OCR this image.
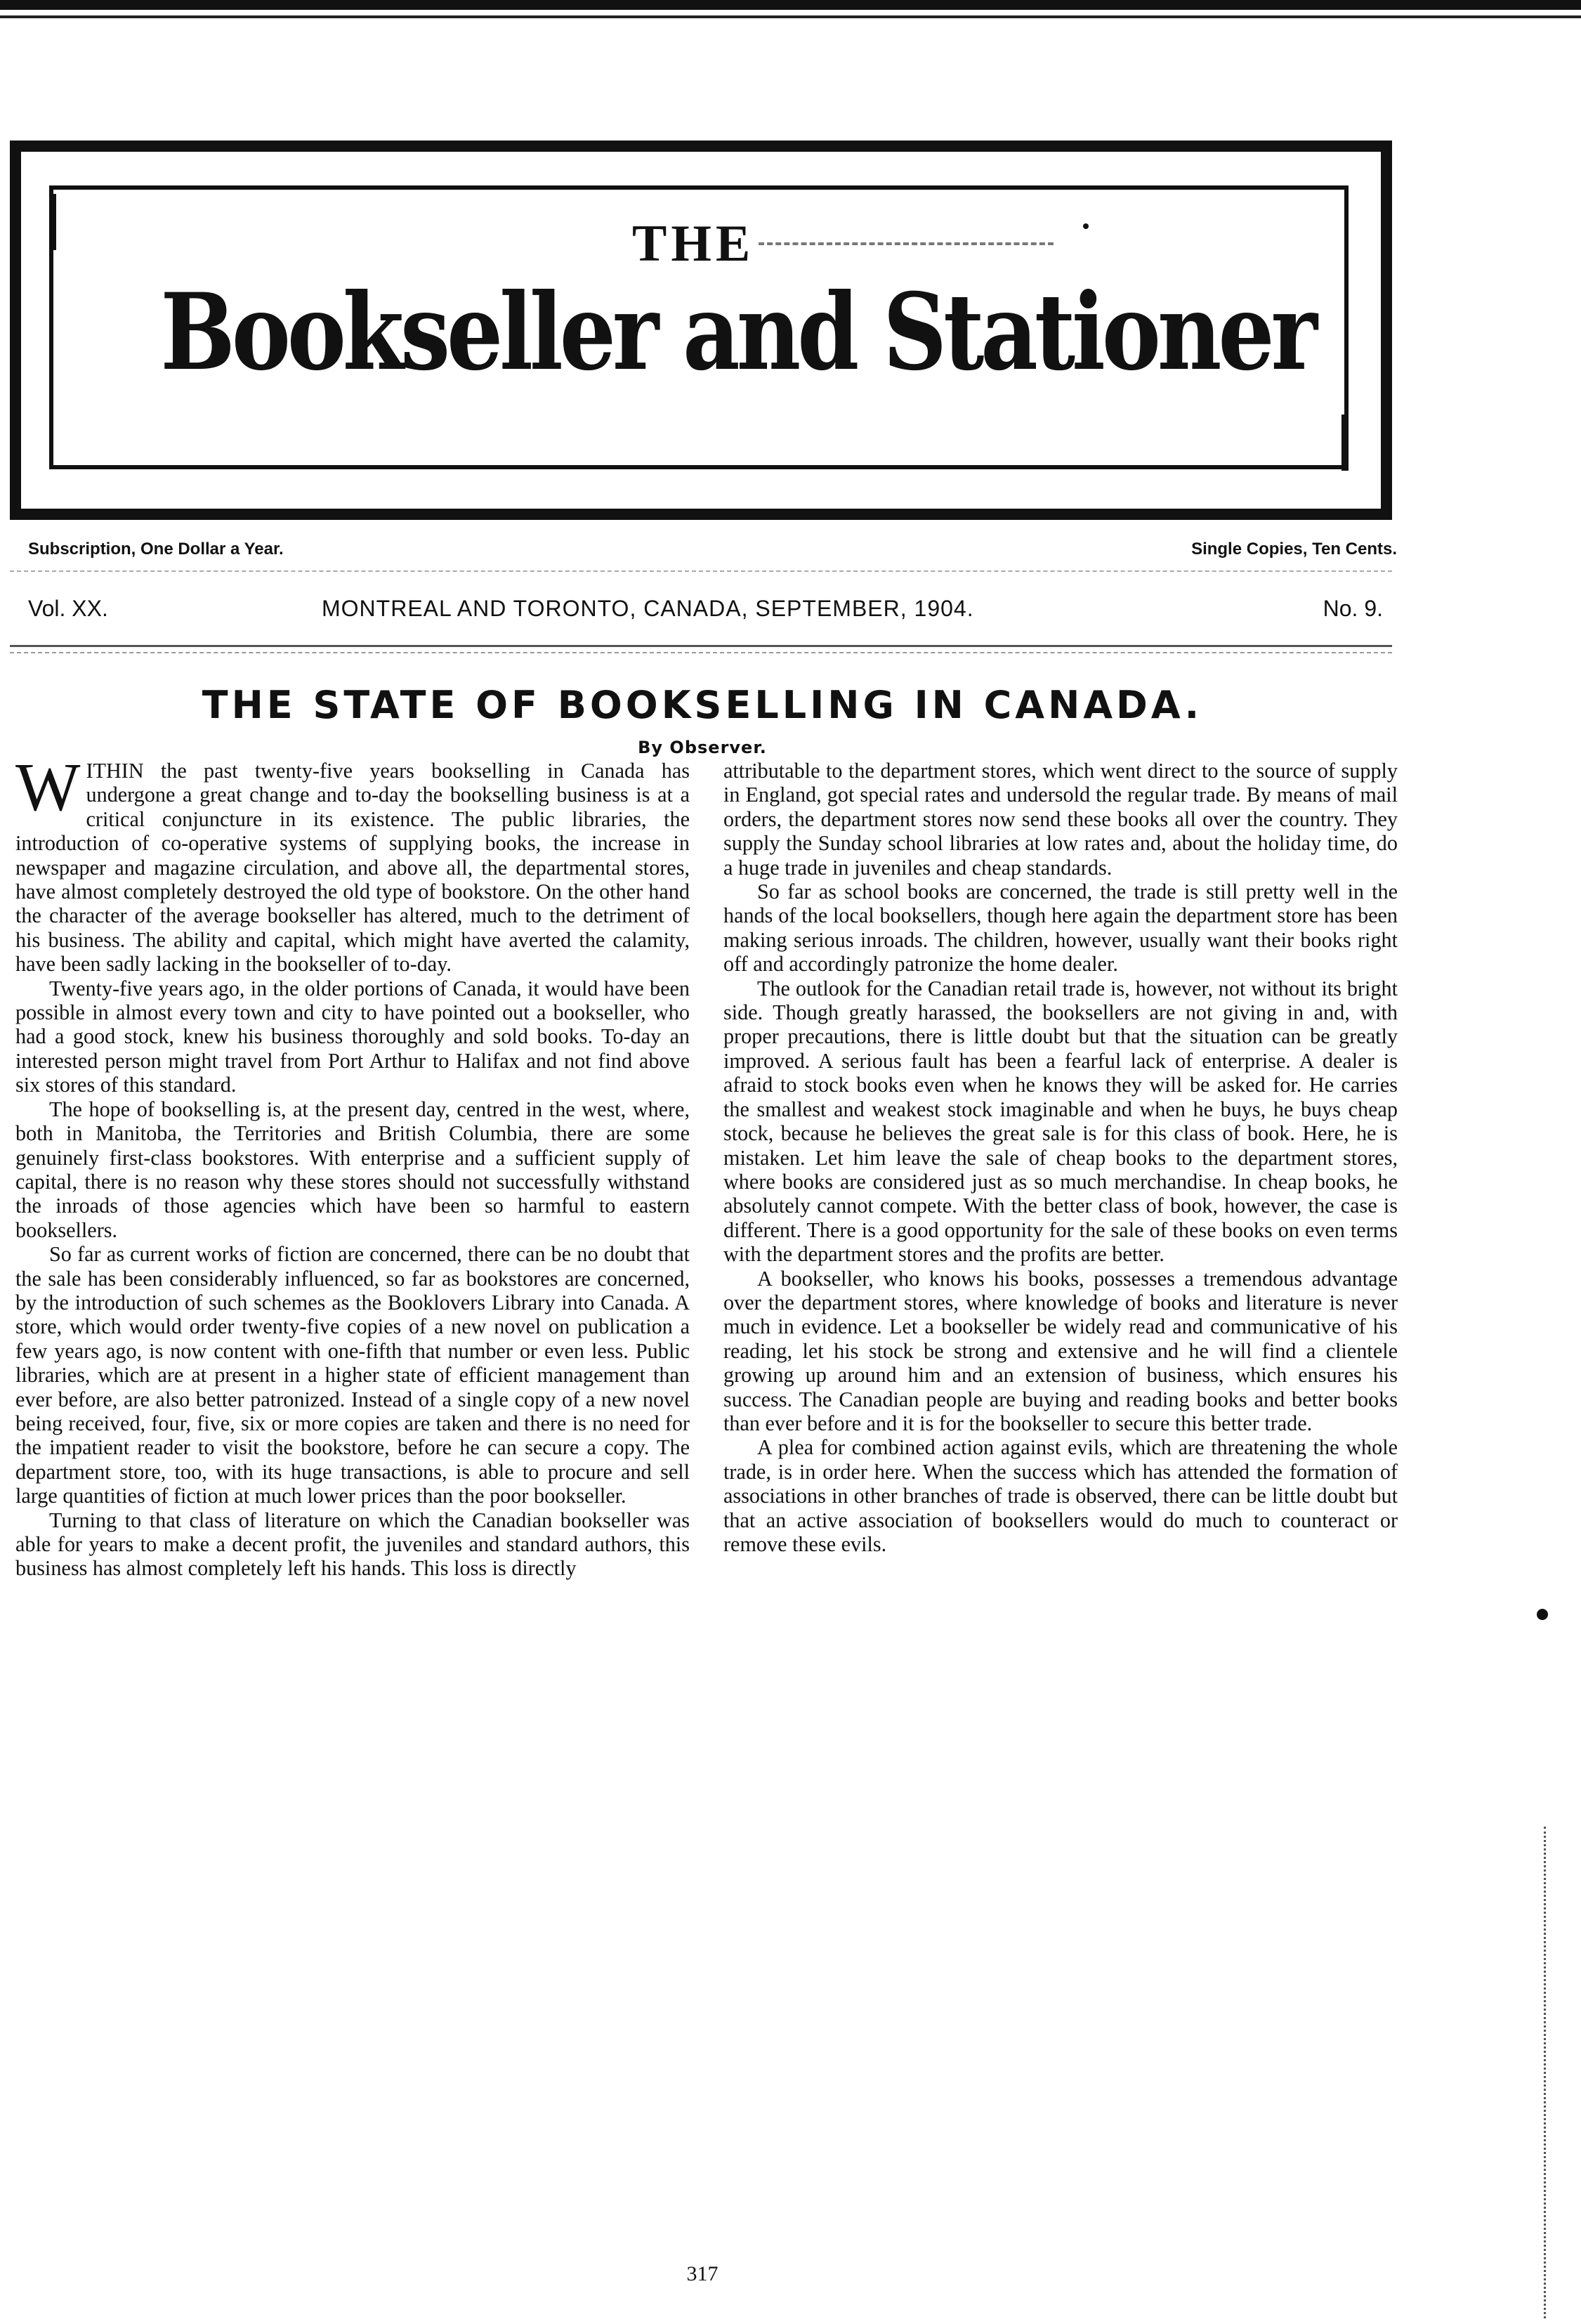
THE
Bookseller and Stationer
Subscription, One Dollar a Year.	Single Copies, Ten Cents.
Vol. XX.	MONTREAL AND TORONTO, CANADA, SEPTEMBER, 1904.	No. 9.
THE STATE OF BOOKSELLING IN CANADA.
By Observer.

WITHIN the past twenty-five years bookselling in Canada has undergone a great change and to-day the bookselling business is at a critical conjuncture in its existence. The public libraries, the introduction of co-operative systems of supplying books, the increase in newspaper and magazine circulation, and above all, the departmental stores, have almost completely destroyed the old type of bookstore. On the other hand the character of the average bookseller has altered, much to the detriment of his business. The ability and capital, which might have averted the calamity, have been sadly lacking in the bookseller of to-day.

Twenty-five years ago, in the older portions of Canada, it would have been possible in almost every town and city to have pointed out a bookseller, who had a good stock, knew his business thoroughly and sold books. To-day an interested person might travel from Port Arthur to Halifax and not find above six stores of this standard.

The hope of bookselling is, at the present day, centred in the west, where, both in Manitoba, the Territories and British Columbia, there are some genuinely first-class bookstores. With enterprise and a sufficient supply of capital, there is no reason why these stores should not successfully withstand the inroads of those agencies which have been so harmful to eastern booksellers.

So far as current works of fiction are concerned, there can be no doubt that the sale has been considerably influenced, so far as bookstores are concerned, by the introduction of such schemes as the Booklovers Library into Canada. A store, which would order twenty-five copies of a new novel on publication a few years ago, is now content with one-fifth that number or even less. Public libraries, which are at present in a higher state of efficient management than ever before, are also better patronized. Instead of a single copy of a new novel being received, four, five, six or more copies are taken and there is no need for the impatient reader to visit the bookstore, before he can secure a copy. The department store, too, with its huge transactions, is able to procure and sell large quantities of fiction at much lower prices than the poor bookseller.

Turning to that class of literature on which the Canadian bookseller was able for years to make a decent profit, the juveniles and standard authors, this business has almost completely left his hands. This loss is directly

attributable to the department stores, which went direct to the source of supply in England, got special rates and undersold the regular trade. By means of mail orders, the department stores now send these books all over the country. They supply the Sunday school libraries at low rates and, about the holiday time, do a huge trade in juveniles and cheap standards.

So far as school books are concerned, the trade is still pretty well in the hands of the local booksellers, though here again the department store has been making serious inroads. The children, however, usually want their books right off and accordingly patronize the home dealer.

The outlook for the Canadian retail trade is, however, not without its bright side. Though greatly harassed, the booksellers are not giving in and, with proper precautions, there is little doubt but that the situation can be greatly improved. A serious fault has been a fearful lack of enterprise. A dealer is afraid to stock books even when he knows they will be asked for. He carries the smallest and weakest stock imaginable and when he buys, he buys cheap stock, because he believes the great sale is for this class of book. Here, he is mistaken. Let him leave the sale of cheap books to the department stores, where books are considered just as so much merchandise. In cheap books, he absolutely cannot compete. With the better class of book, however, the case is different. There is a good opportunity for the sale of these books on even terms with the department stores and the profits are better.

A bookseller, who knows his books, possesses a tremendous advantage over the department stores, where knowledge of books and literature is never much in evidence. Let a bookseller be widely read and communicative of his reading, let his stock be strong and extensive and he will find a clientele growing up around him and an extension of business, which ensures his success. The Canadian people are buying and reading books and better books than ever before and it is for the bookseller to secure this better trade.

A plea for combined action against evils, which are threatening the whole trade, is in order here. When the success which has attended the formation of associations in other branches of trade is observed, there can be little doubt but that an active association of booksellers would do much to counteract or remove these evils.

317
